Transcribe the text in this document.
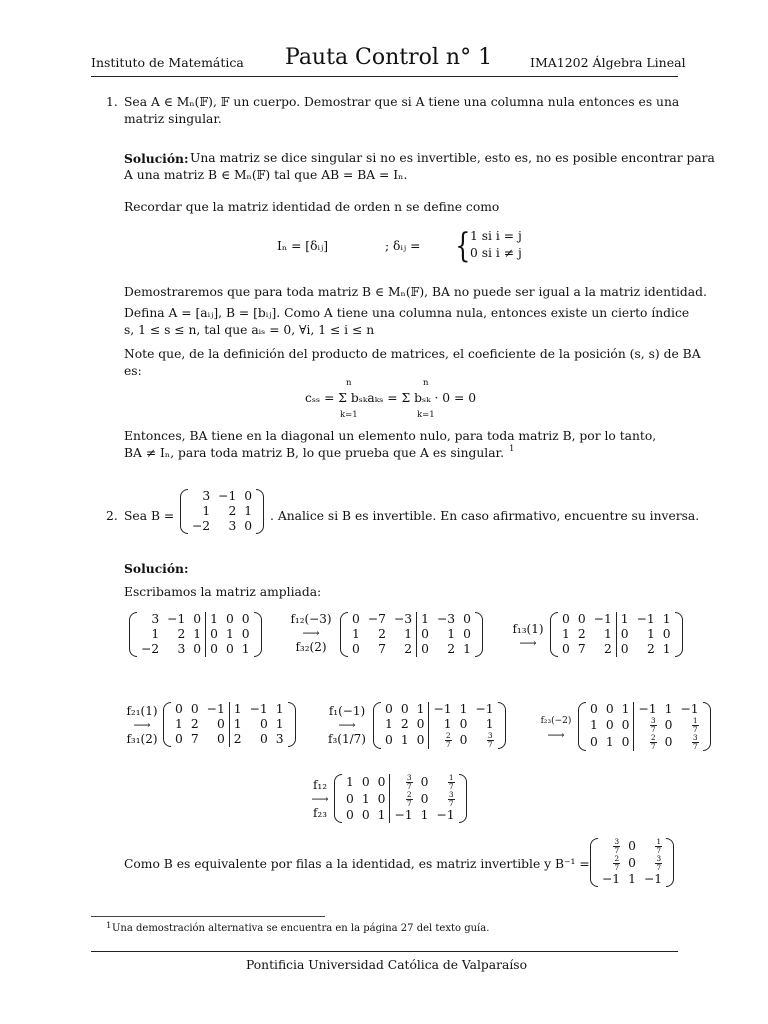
Instituto de Matemática Pauta Control n° 1	IMA1202 Álgebra Lineal
1. Sea A ∈ Mₙ(𝔽), 𝔽 un cuerpo. Demostrar que si A tiene una columna nula entonces es una
matriz singular.
Solución: Una matriz se dice singular si no es invertible, esto es, no es posible encontrar para
A una matriz B ∈ Mₙ(𝔽) tal que AB = BA = Iₙ.
Recordar que la matriz identidad de orden n se define como
Iₙ = [δᵢⱼ]	; δᵢⱼ = { 1 si i = j
0 si i ≠ j
Demostraremos que para toda matriz B ∈ Mₙ(𝔽), BA no puede ser igual a la matriz identidad.
Defina A = [aᵢⱼ], B = [bᵢⱼ]. Como A tiene una columna nula, entonces existe un cierto índice
s, 1 ≤ s ≤ n, tal que aᵢₛ = 0, ∀i, 1 ≤ i ≤ n
Note que, de la definición del producto de matrices, el coeficiente de la posición (s, s) de BA
es:
n	n
cₛₛ = Σ bₛₖaₖₛ = Σ bₛₖ · 0 = 0
k=1	k=1
Entonces, BA tiene en la diagonal un elemento nulo, para toda matriz B, por lo tanto,
BA ≠ Iₙ, para toda matriz B, lo que prueba que A es singular. 1
2. Sea B =
3	−1	0
1	2	1
−2	3	0
. Analice si B es invertible. En caso afirmativo, encuentre su inversa.
Solución:
Escribamos la matriz ampliada:
3	−1	0	1	0	0
1	2	1	0	1	0
−2	3	0	0	0	1
f₁₂(−3)
⟶
f₃₂(2)
0	−7	−3	1	−3	0
1	2	1	0	1	0
0	7	2	0	2	1
f₁₃(1)
⟶
0	0	−1	1	−1	1
1	2	1	0	1	0
0	7	2	0	2	1
f₂₁(1)
⟶
f₃₁(2)
0	0	−1	1	−1	1
1	2	0	1	0	1
0	7	0	2	0	3
f₁(−1)
⟶
f₃(1/7)
0	0	1	−1	1	−1
1	2	0	1	0	1
0	1	0	$\frac{2}{7}$	0	$\frac{3}{7}$
f₂₃(−2)
⟶
0	0	1	−1	1	−1
1	0	0	$\frac{3}{7}$	0	$\frac{1}{7}$

0	1	0	$\frac{2}{7}$	0	$\frac{3}{7}$
f₁₂
⟶
f₂₃
1	0	0	$\frac{3}{7}$	0	$\frac{1}{7}$

0	1	0	$\frac{2}{7}$	0	$\frac{3}{7}$

0	0	1	−1	1	−1
Como B es equivalente por filas a la identidad, es matriz invertible y B⁻¹ =
$\frac{3}{7}$	0	$\frac{1}{7}$

$\frac{2}{7}$	0	$\frac{3}{7}$

−1	1	−1
1 Una demostración alternativa se encuentra en la página 27 del texto guía.
Pontificia Universidad Católica de Valparaíso
